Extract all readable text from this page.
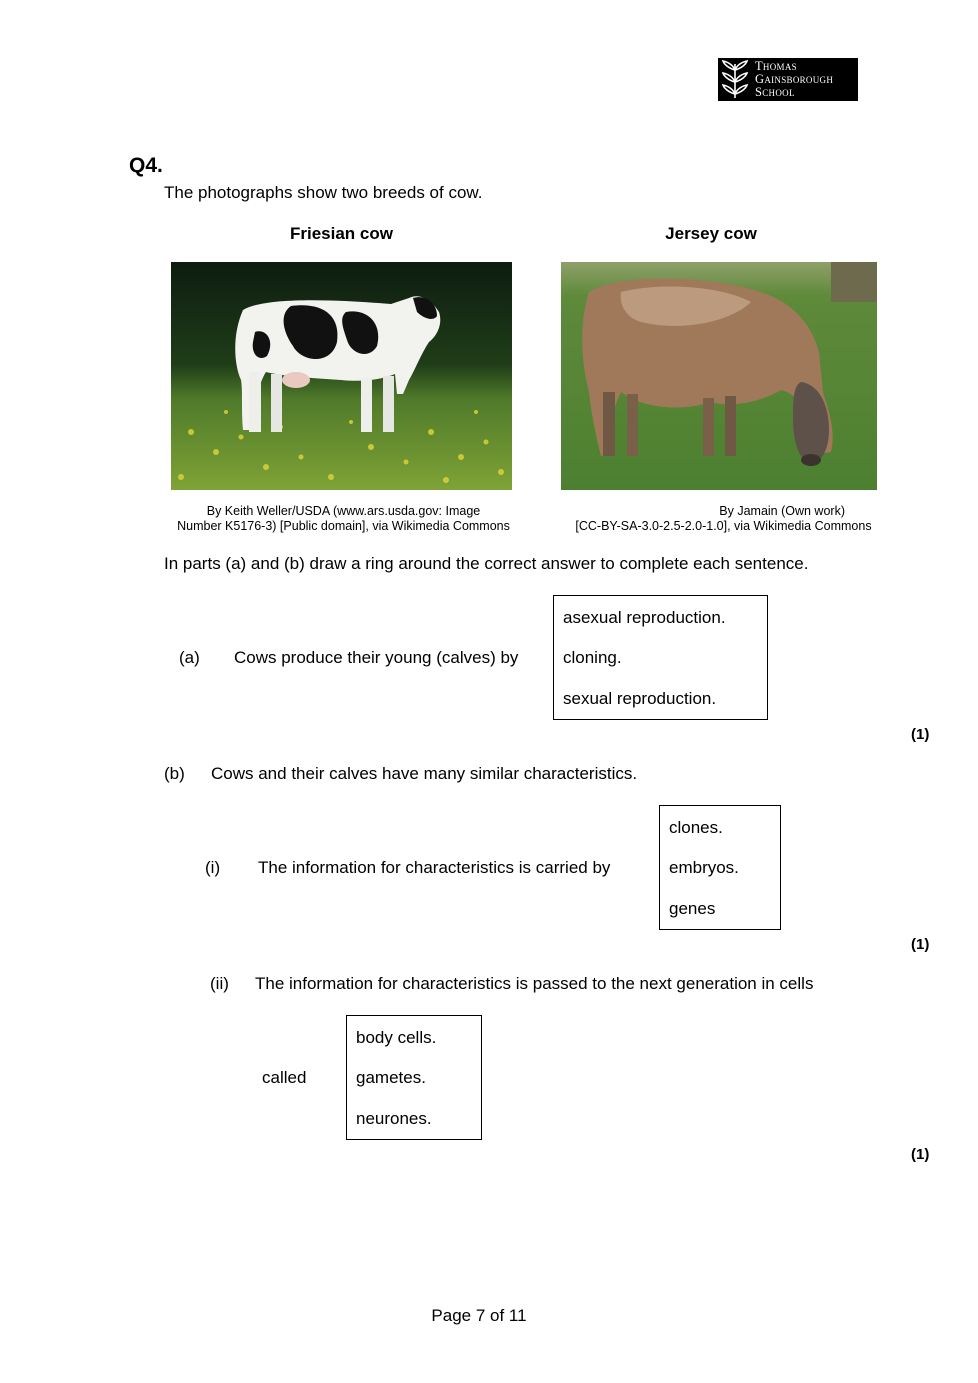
Thomas
Gainsborough
School
Q4.
The photographs show two breeds of cow.
Friesian cow	Jersey cow
By Keith Weller/USDA (www.ars.usda.gov: Image
Number K5176-3) [Public domain], via Wikimedia Commons
By Jamain (Own work)
[CC-BY-SA-3.0-2.5-2.0-1.0], via Wikimedia Commons
In parts (a) and (b) draw a ring around the correct answer to complete each sentence.
(a) Cows produce their young (calves) by
asexual reproduction.
cloning.
sexual reproduction.
(1)
(b) Cows and their calves have many similar characteristics.
(i) The information for characteristics is carried by
clones.
embryos.
genes
(1)
(ii) The information for characteristics is passed to the next generation in cells
called
body cells.
gametes.
neurones.
(1)
Page 7 of 11
